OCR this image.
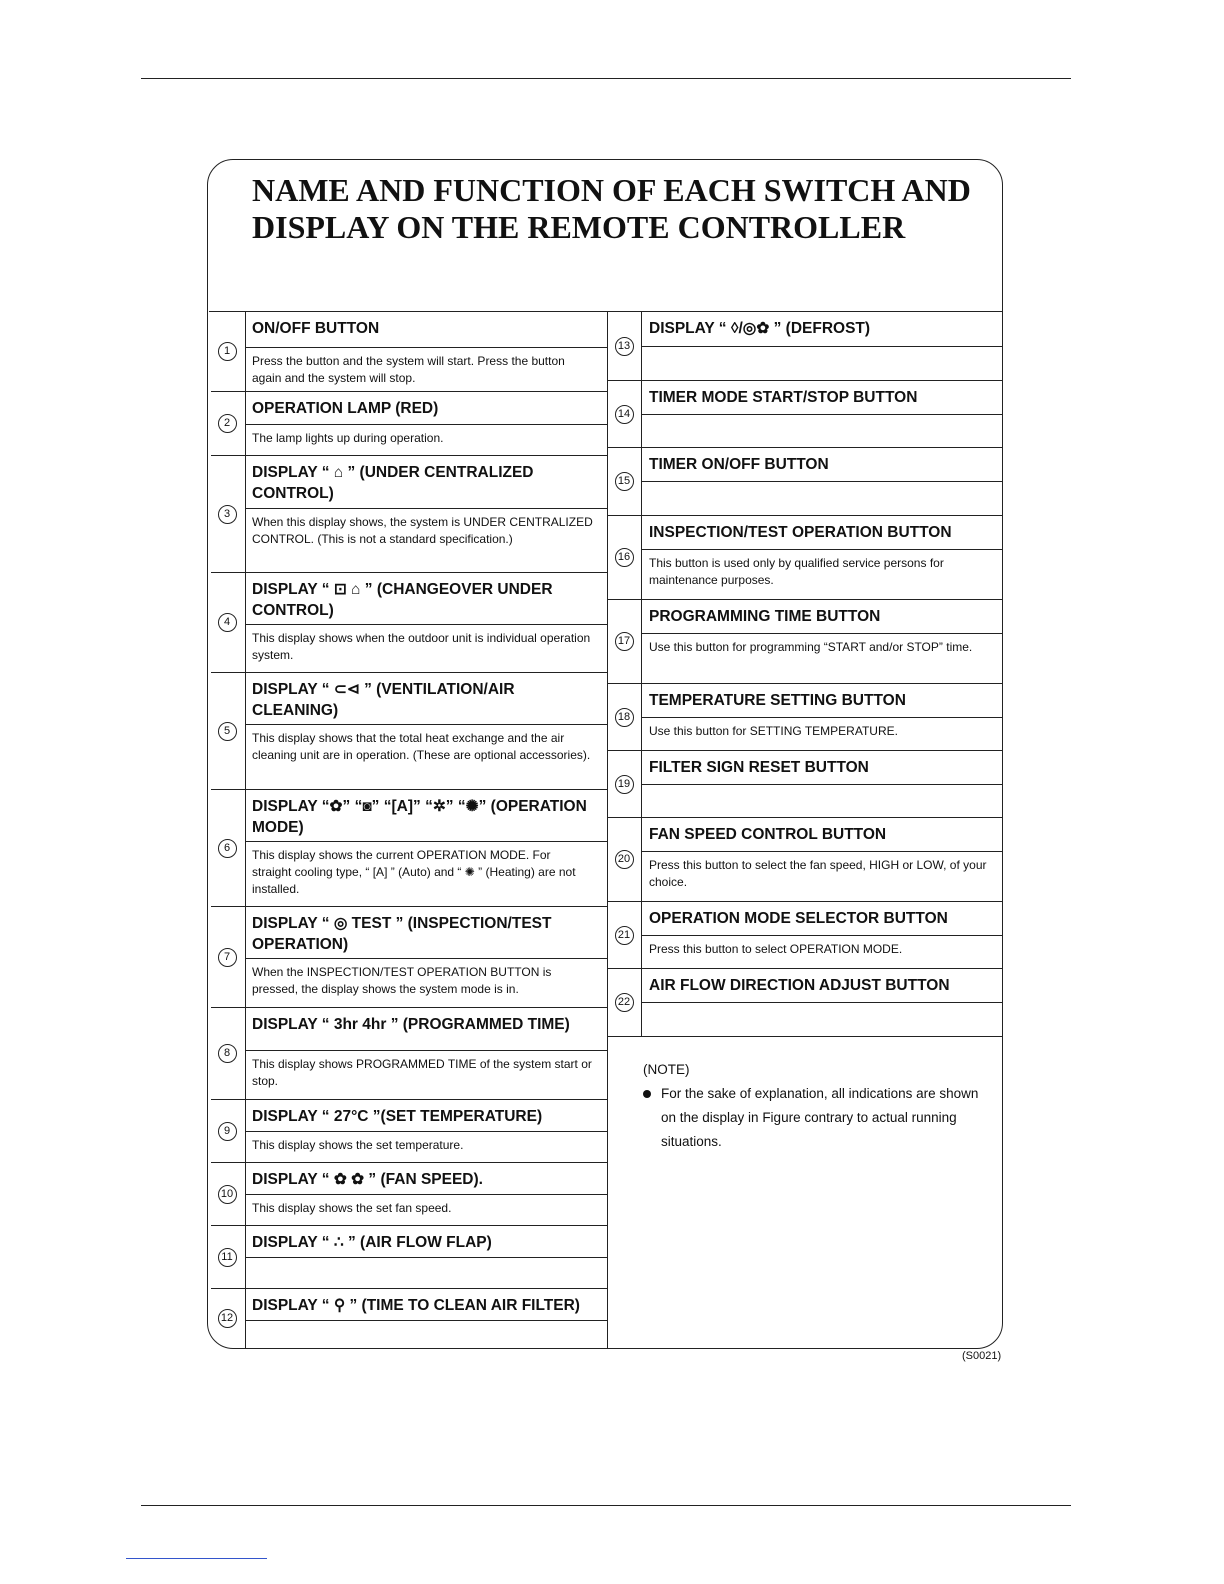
NAME AND FUNCTION OF EACH SWITCH AND DISPLAY ON THE REMOTE CONTROLLER
1
ON/OFF BUTTON
Press the button and the system will start. Press the button again and the system will stop.
2
OPERATION LAMP (RED)
The lamp lights up during operation.
3
DISPLAY “ ⌂ ” (UNDER CENTRALIZED CONTROL)
When this display shows, the system is UNDER CENTRALIZED CONTROL. (This is not a standard specification.)
4
DISPLAY “ ⊡ ⌂ ” (CHANGEOVER UNDER CONTROL)
This display shows when the outdoor unit is individual operation system.
5
DISPLAY “ ⊂⊲ ” (VENTILATION/AIR CLEANING)
This display shows that the total heat exchange and the air cleaning unit are in operation. (These are optional accessories).
6
DISPLAY “✿” “◙” “[A]” “✲” “✺” (OPERATION MODE)
This display shows the current OPERATION MODE. For straight cooling type, “ [A] ” (Auto) and “ ✺ ” (Heating) are not installed.
7
DISPLAY “ ◎ TEST ” (INSPECTION/TEST OPERATION)
When the INSPECTION/TEST OPERATION BUTTON is pressed, the display shows the system mode is in.
8
DISPLAY “ 3hr 4hr ” (PROGRAMMED TIME)
This display shows PROGRAMMED TIME of the system start or stop.
9
DISPLAY “ 27°C ”(SET TEMPERATURE)
This display shows the set temperature.
10
DISPLAY “ ✿ ✿ ” (FAN SPEED).
This display shows the set fan speed.
11
DISPLAY “ ∴ ” (AIR FLOW FLAP)
12
DISPLAY “ ⚲ ” (TIME TO CLEAN AIR FILTER)
13
DISPLAY “ ◊/◎✿ ” (DEFROST)
14
TIMER MODE START/STOP BUTTON
15
TIMER ON/OFF BUTTON
16
INSPECTION/TEST OPERATION BUTTON
This button is used only by qualified service persons for maintenance purposes.
17
PROGRAMMING TIME BUTTON
Use this button for programming “START and/or STOP” time.
18
TEMPERATURE SETTING BUTTON
Use this button for SETTING TEMPERATURE.
19
FILTER SIGN RESET BUTTON
20
FAN SPEED CONTROL BUTTON
Press this button to select the fan speed, HIGH or LOW, of your choice.
21
OPERATION MODE SELECTOR BUTTON
Press this button to select OPERATION MODE.
22
AIR FLOW DIRECTION ADJUST BUTTON
(NOTE)
For the sake of explanation, all indications are shown on the display in Figure contrary to actual running situations.
(S0021)
